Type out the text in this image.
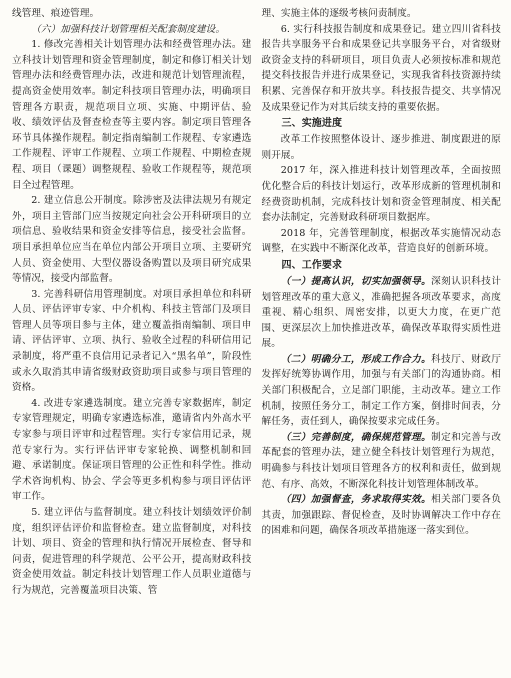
线管理、痕迹管理。

（六）加强科技计划管理相关配套制度建设。

1. 修改完善相关计划管理办法和经费管理办法。建立科技计划管理和资金管理制度，制定和修订相关计划管理办法和经费管理办法，改进和规范计划管理流程，提高资金使用效率。制定科技项目管理办法，明确项目管理各方职责，规范项目立项、实施、中期评估、验收、绩效评估及督查检查等主要内容。制定项目管理各环节具体操作规程。制定指南编制工作规程、专家遴选工作规程、评审工作规程、立项工作规程、中期检查规程、项目（课题）调整规程、验收工作规程等，规范项目全过程管理。

2. 建立信息公开制度。除涉密及法律法规另有规定外，项目主管部门应当按规定向社会公开科研项目的立项信息、验收结果和资金安排等信息，接受社会监督。项目承担单位应当在单位内部公开项目立项、主要研究人员、资金使用、大型仪器设备购置以及项目研究成果等情况，接受内部监督。

3. 完善科研信用管理制度。对项目承担单位和科研人员、评估评审专家、中介机构、科技主管部门及项目管理人员等项目参与主体，建立覆盖指南编制、项目申请、评估评审、立项、执行、验收全过程的科研信用记录制度，将严重不良信用记录者记入“黑名单”，阶段性或永久取消其申请省级财政资助项目或参与项目管理的资格。

4. 改进专家遴选制度。建立完善专家数据库，制定专家管理规定，明确专家遴选标准，邀请省内外高水平专家参与项目评审和过程管理。实行专家信用记录，规范专家行为。实行评估评审专家轮换、调整机制和回避、承诺制度。保证项目管理的公正性和科学性。推动学术咨询机构、协会、学会等更多机构参与项目评估评审工作。

5. 建立评估与监督制度。建立科技计划绩效评价制度，组织评估评价和监督检查。建立监督制度，对科技计划、项目、资金的管理和执行情况开展检查、督导和问责，促进管理的科学规范、公平公开，提高财政科技资金使用效益。制定科技计划管理工作人员职业道德与行为规范，完善覆盖项目决策、管

理、实施主体的逐级考核问责制度。

6. 实行科技报告制度和成果登记。建立四川省科技报告共享服务平台和成果登记共享服务平台，对省级财政资金支持的科研项目，项目负责人必须按标准和规范提交科技报告并进行成果登记，实现我省科技资源持续积累、完善保存和开放共享。科技报告提交、共享情况及成果登记作为对其后续支持的重要依据。

三、实施进度

改革工作按照整体设计、逐步推进、制度跟进的原则开展。

2017 年，深入推进科技计划管理改革，全面按照优化整合后的科技计划运行，改革形成新的管理机制和经费资助机制，完成科技计划和资金管理制度、相关配套办法制定，完善财政科研项目数据库。

2018 年，完善管理制度，根据改革实施情况动态调整，在实践中不断深化改革，营造良好的创新环境。

四、工作要求

（一）提高认识，切实加强领导。深刻认识科技计划管理改革的重大意义，准确把握各项改革要求，高度重视、精心组织、周密安排，以更大力度，在更广范围、更深层次上加快推进改革，确保改革取得实质性进展。

（二）明确分工，形成工作合力。科技厅、财政厅发挥好统筹协调作用，加强与有关部门的沟通协商。相关部门积极配合，立足部门职能，主动改革。建立工作机制，按照任务分工，制定工作方案，倒排时间表，分解任务，责任到人，确保按要求完成任务。

（三）完善制度，确保规范管理。制定和完善与改革配套的管理办法，建立健全科技计划管理行为规范，明确参与科技计划项目管理各方的权利和责任，做到规范、有序、高效，不断深化科技计划管理体制改革。

（四）加强督查，务求取得实效。相关部门要各负其责，加强跟踪、督促检查，及时协调解决工作中存在的困难和问题，确保各项改革措施逐一落实到位。
